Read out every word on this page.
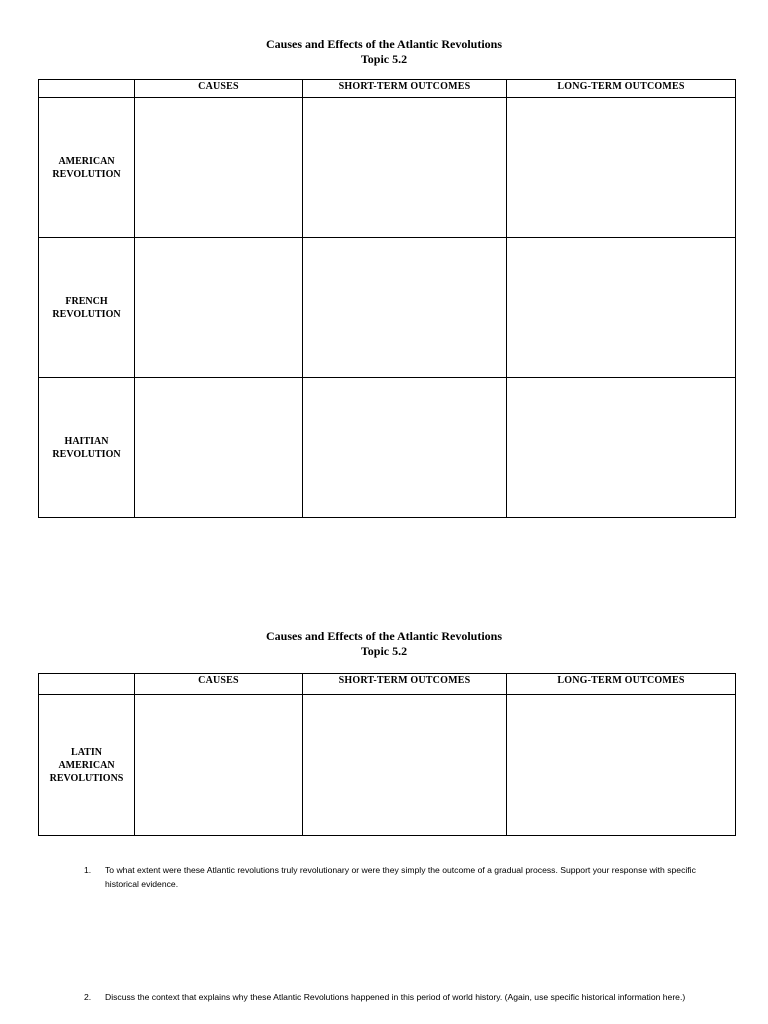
Causes and Effects of the Atlantic Revolutions
Topic 5.2
	CAUSES	SHORT-TERM OUTCOMES	LONG-TERM OUTCOMES

AMERICAN
REVOLUTION			

FRENCH
REVOLUTION			

HAITIAN
REVOLUTION			

Causes and Effects of the Atlantic Revolutions
Topic 5.2
	CAUSES	SHORT-TERM OUTCOMES	LONG-TERM OUTCOMES

LATIN
AMERICAN
REVOLUTIONS			

1. To what extent were these Atlantic revolutions truly revolutionary or were they simply the outcome of a gradual process. Support your response with specific historical evidence.
2. Discuss the context that explains why these Atlantic Revolutions happened in this period of world history. (Again, use specific historical information here.)
